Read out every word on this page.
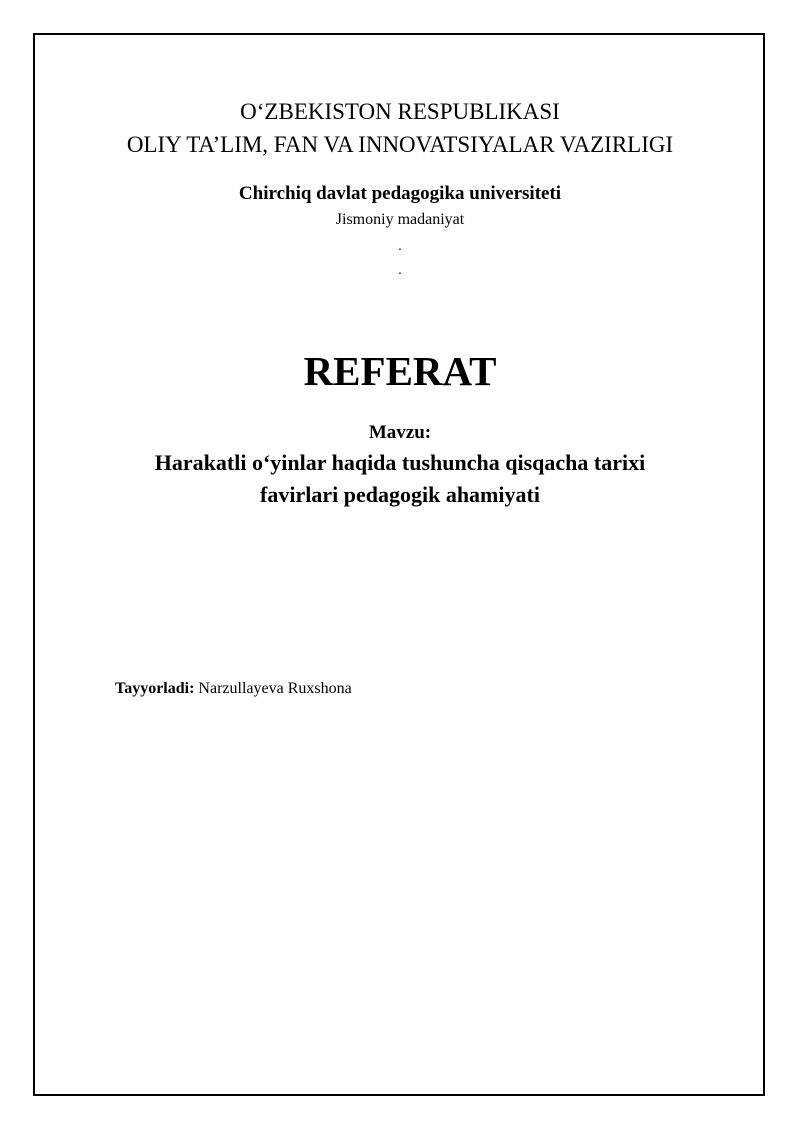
O‘ZBEKISTON RESPUBLIKASI
OLIY TA’LIM, FAN VA INNOVATSIYALAR VAZIRLIGI
Chirchiq davlat pedagogika universiteti
Jismoniy madaniyat
.
.
REFERAT
Mavzu:
Harakatli o‘yinlar haqida tushuncha qisqacha tarixi
favirlari pedagogik ahamiyati
Tayyorladi: Narzullayeva Ruxshona
